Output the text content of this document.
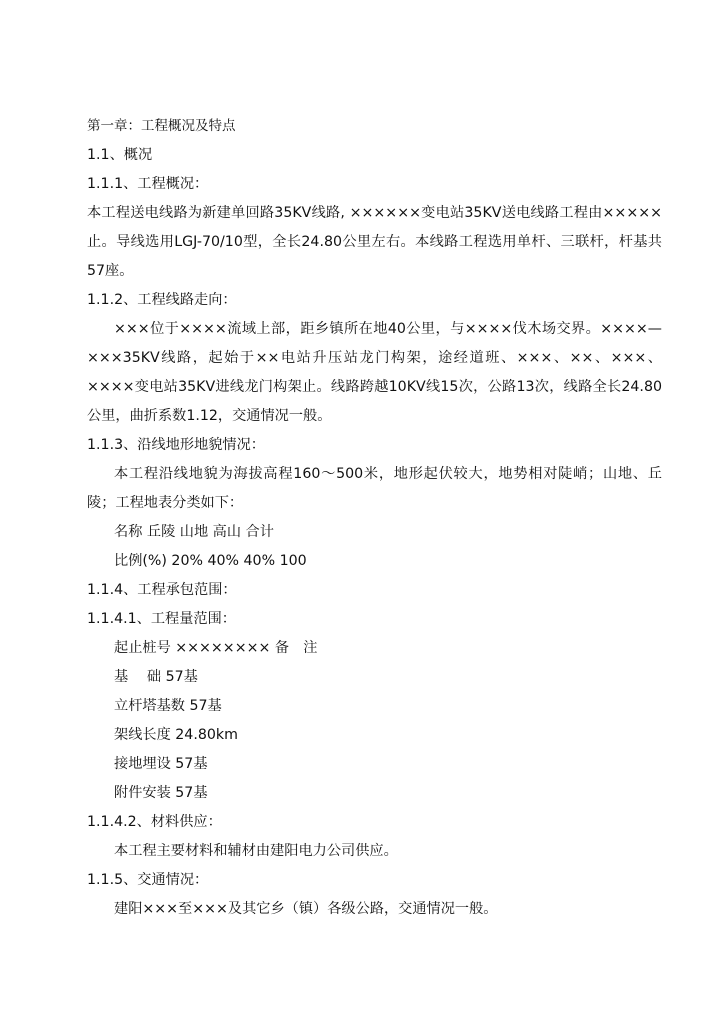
第一章：工程概况及特点

1.1、概况

1.1.1、工程概况：

本工程送电线路为新建单回路35KV线路, ××××××变电站35KV送电线路工程由×××××止。导线选用LGJ-70/10型，全长24.80公里左右。本线路工程选用单杆、三联杆，杆基共57座。

1.1.2、工程线路走向：

×××位于××××流域上部，距乡镇所在地40公里，与××××伐木场交界。××××—×××35KV线路，起始于××电站升压站龙门构架，途经道班、×××、××、×××、××××变电站35KV进线龙门构架止。线路跨越10KV线15次，公路13次，线路全长24.80公里，曲折系数1.12，交通情况一般。

1.1.3、沿线地形地貌情况：

本工程沿线地貌为海拔高程160～500米，地形起伏较大，地势相对陡峭；山地、丘陵；工程地表分类如下：

名称 丘陵 山地 高山 合计

比例(%) 20% 40% 40% 100

1.1.4、工程承包范围：

1.1.4.1、工程量范围：

起止桩号 ×××××××× 备　注

基　 础 57基

立杆塔基数 57基

架线长度 24.80km

接地埋设 57基

附件安装 57基

1.1.4.2、材料供应：

本工程主要材料和辅材由建阳电力公司供应。

1.1.5、交通情况：

建阳×××至×××及其它乡（镇）各级公路，交通情况一般。
